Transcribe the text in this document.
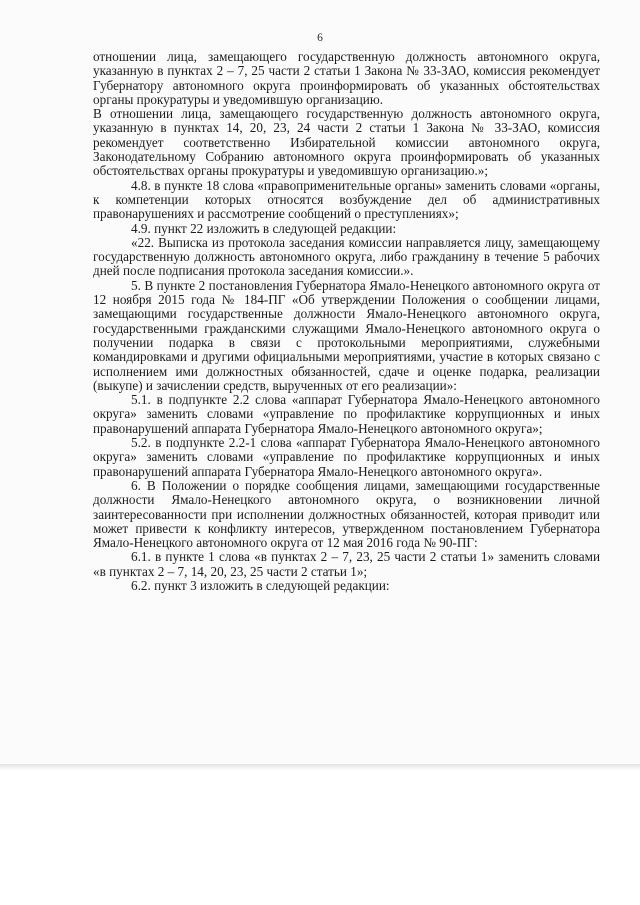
6

отношении лица, замещающего государственную должность автономного округа, указанную в пунктах 2 – 7, 25 части 2 статьи 1 Закона № 33-ЗАО, комиссия рекомендует Губернатору автономного округа проинформировать об указанных обстоятельствах органы прокуратуры и уведомившую организацию.

В отношении лица, замещающего государственную должность автономного округа, указанную в пунктах 14, 20, 23, 24 части 2 статьи 1 Закона № 33-ЗАО, комиссия рекомендует соответственно Избирательной комиссии автономного округа, Законодательному Собранию автономного округа проинформировать об указанных обстоятельствах органы прокуратуры и уведомившую организацию.»;

4.8. в пункте 18 слова «правоприменительные органы» заменить словами «органы, к компетенции которых относятся возбуждение дел об административных правонарушениях и рассмотрение сообщений о преступлениях»;

4.9. пункт 22 изложить в следующей редакции:

«22. Выписка из протокола заседания комиссии направляется лицу, замещающему государственную должность автономного округа, либо гражданину в течение 5 рабочих дней после подписания протокола заседания комиссии.».

5. В пункте 2 постановления Губернатора Ямало-Ненецкого автономного округа от 12 ноября 2015 года № 184-ПГ «Об утверждении Положения о сообщении лицами, замещающими государственные должности Ямало-Ненецкого автономного округа, государственными гражданскими служащими Ямало-Ненецкого автономного округа о получении подарка в связи с протокольными мероприятиями, служебными командировками и другими официальными мероприятиями, участие в которых связано с исполнением ими должностных обязанностей, сдаче и оценке подарка, реализации (выкупе) и зачислении средств, вырученных от его реализации»:

5.1. в подпункте 2.2 слова «аппарат Губернатора Ямало-Ненецкого автономного округа» заменить словами «управление по профилактике коррупционных и иных правонарушений аппарата Губернатора Ямало-Ненецкого автономного округа»;

5.2. в подпункте 2.2-1 слова «аппарат Губернатора Ямало-Ненецкого автономного округа» заменить словами «управление по профилактике коррупционных и иных правонарушений аппарата Губернатора Ямало-Ненецкого автономного округа».

6. В Положении о порядке сообщения лицами, замещающими государственные должности Ямало-Ненецкого автономного округа, о возникновении личной заинтересованности при исполнении должностных обязанностей, которая приводит или может привести к конфликту интересов, утвержденном постановлением Губернатора Ямало-Ненецкого автономного округа от 12 мая 2016 года № 90-ПГ:

6.1. в пункте 1 слова «в пунктах 2 – 7, 23, 25 части 2 статьи 1» заменить словами «в пунктах 2 – 7, 14, 20, 23, 25 части 2 статьи 1»;

6.2. пункт 3 изложить в следующей редакции:
